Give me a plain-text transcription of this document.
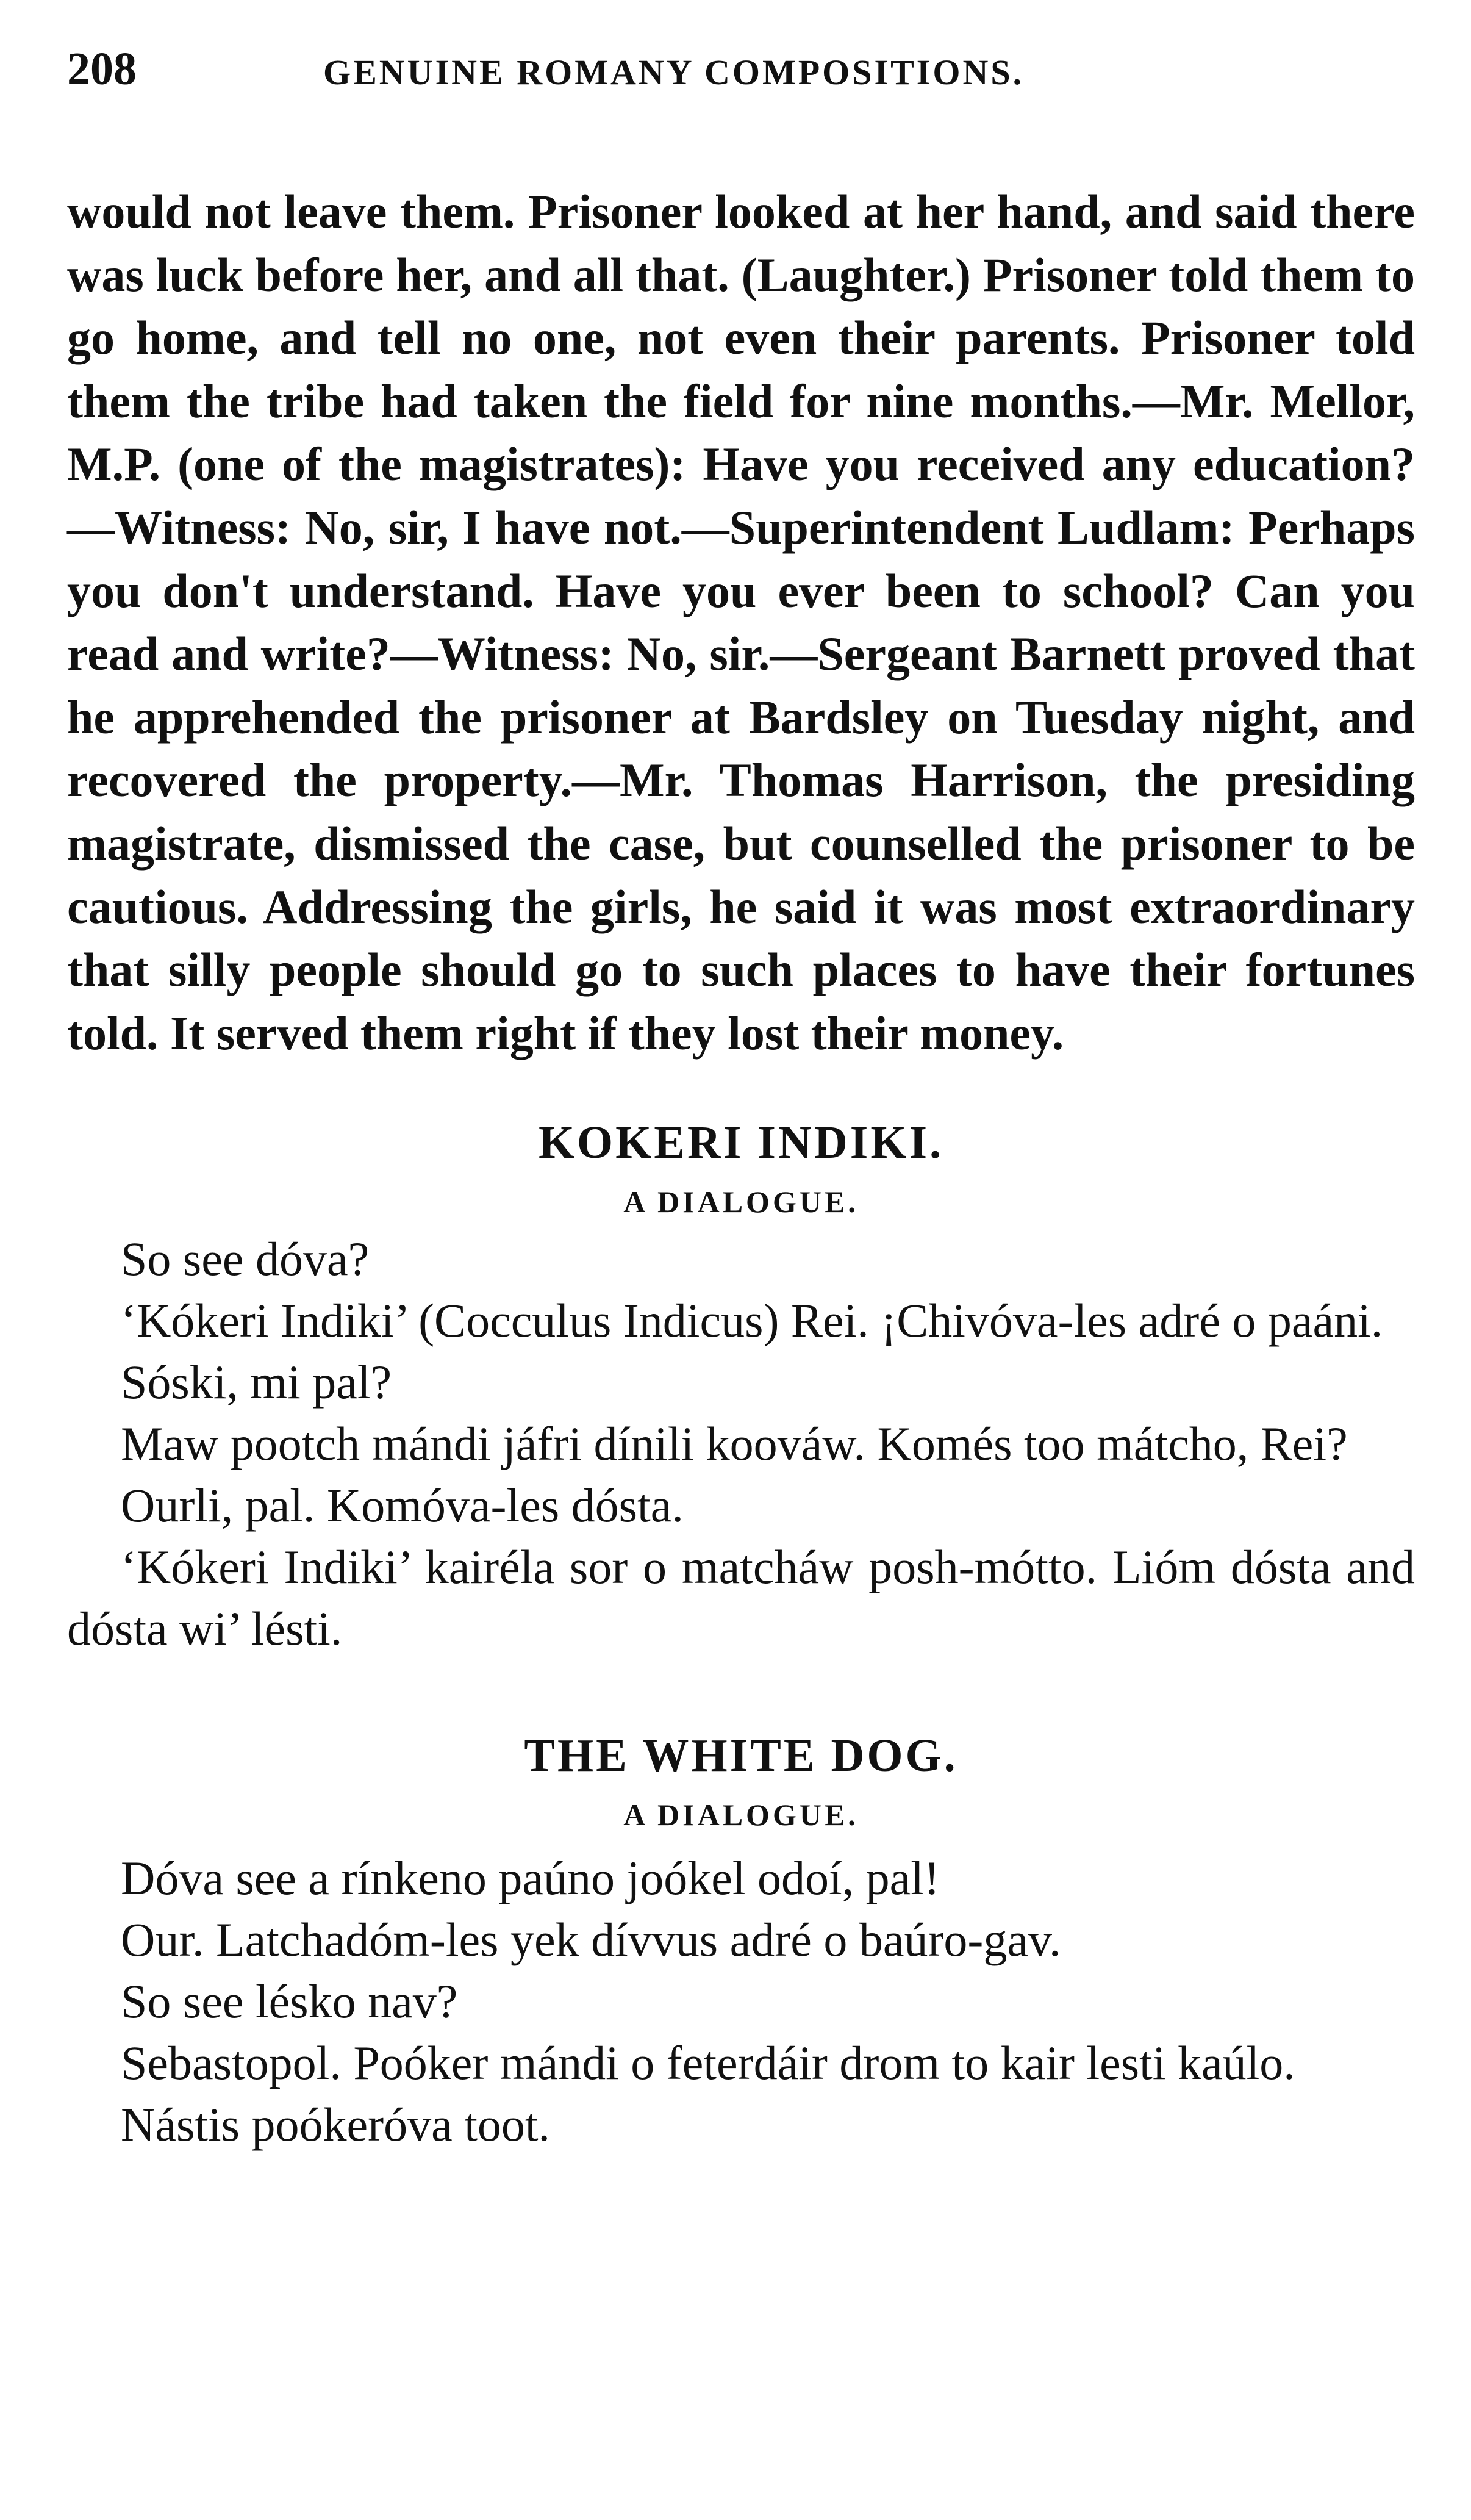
208	GENUINE ROMANY COMPOSITIONS.

would not leave them. Prisoner looked at her hand, and said there was luck before her, and all that. (Laughter.) Prisoner told them to go home, and tell no one, not even their parents. Prisoner told them the tribe had taken the field for nine months.—Mr. Mellor, M.P. (one of the magistrates): Have you received any education?—Witness: No, sir, I have not.—Superintendent Ludlam: Perhaps you don't understand. Have you ever been to school? Can you read and write?—Witness: No, sir.—Sergeant Barnett proved that he apprehended the prisoner at Bardsley on Tuesday night, and recovered the property.—Mr. Thomas Harrison, the presiding magistrate, dismissed the case, but counselled the prisoner to be cautious. Addressing the girls, he said it was most extraordinary that silly people should go to such places to have their fortunes told. It served them right if they lost their money.

KOKERI INDIKI.
A DIALOGUE.

So see dóva?

‘Kókeri Indiki’ (Cocculus Indicus) Rei. ¡Chivóva-les adré o paáni.

Sóski, mi pal?

Maw pootch mándi jáfri dínili koováw. Komés too mátcho, Rei?

Ourli, pal. Komóva-les dósta.

‘Kókeri Indiki’ kairéla sor o matcháw posh-mótto. Lióm dósta and dósta wi’ lésti.

THE WHITE DOG.
A DIALOGUE.

Dóva see a rínkeno paúno joókel odoí, pal!

Our. Latchadóm-les yek dívvus adré o baúro-gav.

So see lésko nav?

Sebastopol. Poóker mándi o feterdáir drom to kair lesti kaúlo.

Nástis poókeróva toot.
